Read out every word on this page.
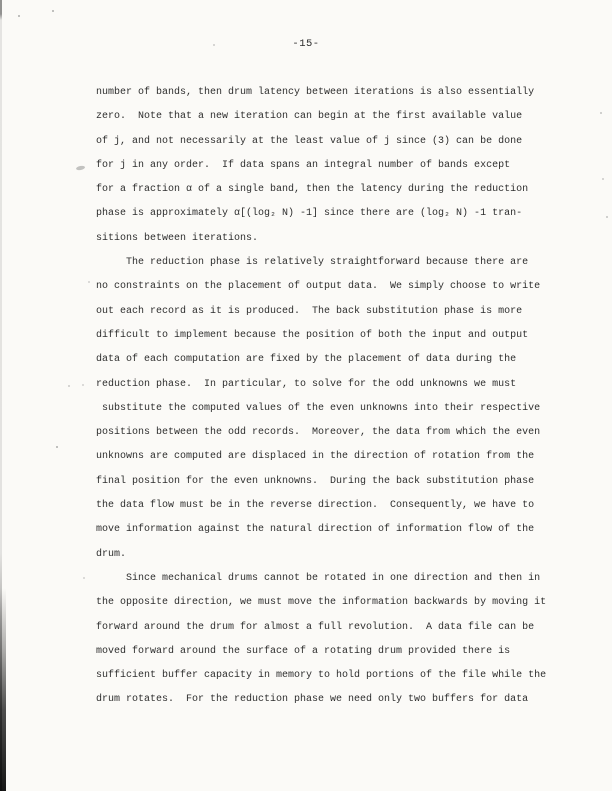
-15-
number of bands, then drum latency between iterations is also essentially
zero.  Note that a new iteration can begin at the first available value
of j, and not necessarily at the least value of j since (3) can be done
for j in any order.  If data spans an integral number of bands except
for a fraction α of a single band, then the latency during the reduction
phase is approximately α[(log₂ N) -1] since there are (log₂ N) -1 tran-
sitions between iterations.
The reduction phase is relatively straightforward because there are
no constraints on the placement of output data.  We simply choose to write
out each record as it is produced.  The back substitution phase is more
difficult to implement because the position of both the input and output
data of each computation are fixed by the placement of data during the
reduction phase.  In particular, to solve for the odd unknowns we must
substitute the computed values of the even unknowns into their respective
positions between the odd records.  Moreover, the data from which the even
unknowns are computed are displaced in the direction of rotation from the
final position for the even unknowns.  During the back substitution phase
the data flow must be in the reverse direction.  Consequently, we have to
move information against the natural direction of information flow of the
drum.
Since mechanical drums cannot be rotated in one direction and then in
the opposite direction, we must move the information backwards by moving it
forward around the drum for almost a full revolution.  A data file can be
moved forward around the surface of a rotating drum provided there is
sufficient buffer capacity in memory to hold portions of the file while the
drum rotates.  For the reduction phase we need only two buffers for data
